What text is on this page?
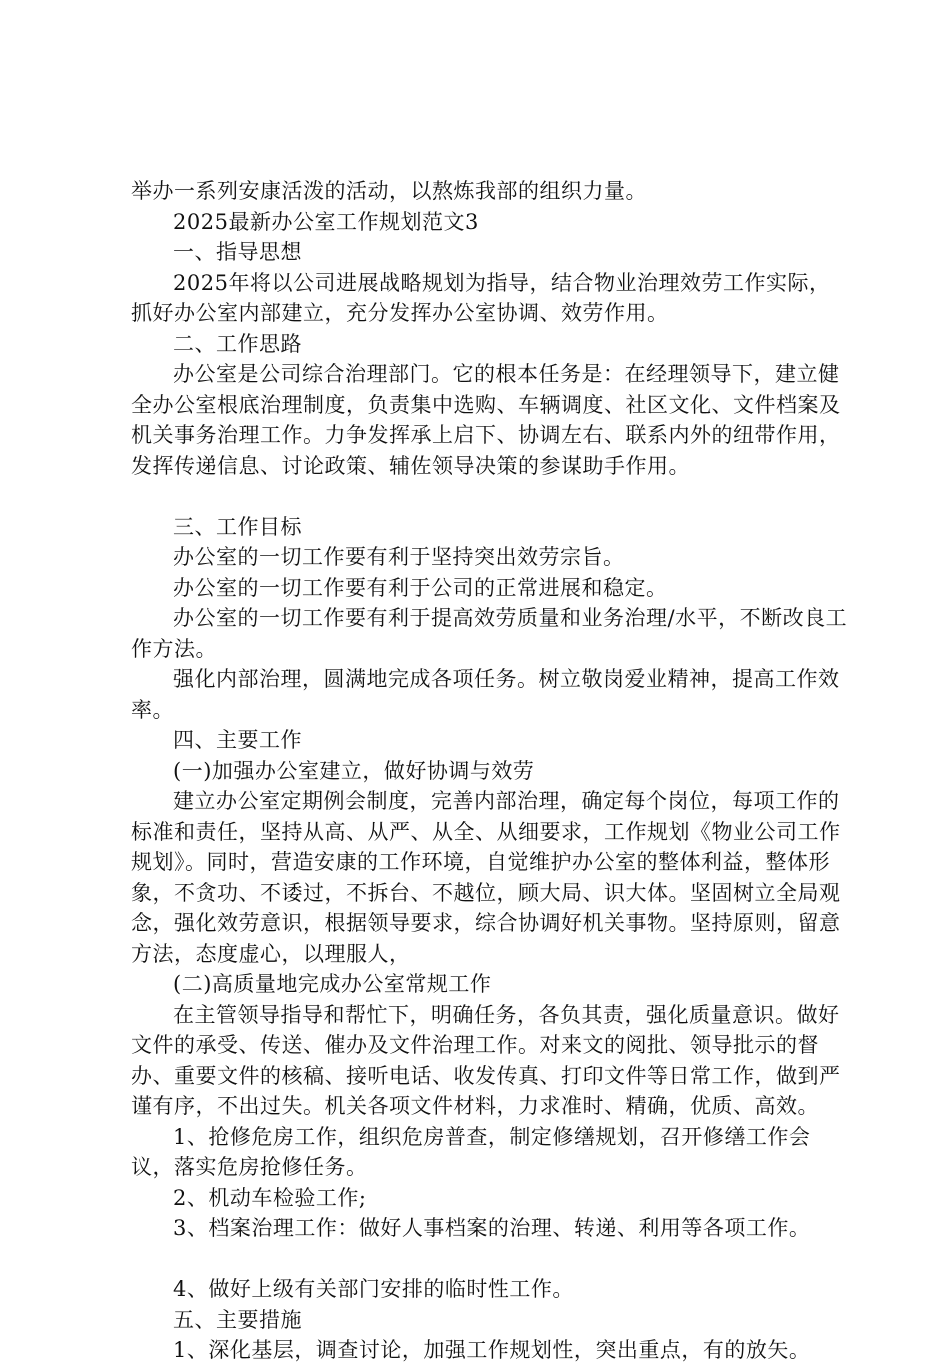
举办一系列安康活泼的活动，以熬炼我部的组织力量。

2025最新办公室工作规划范文3

一、指导思想

2025年将以公司进展战略规划为指导，结合物业治理效劳工作实际，抓好办公室内部建立，充分发挥办公室协调、效劳作用。

二、工作思路

办公室是公司综合治理部门。它的根本任务是：在经理领导下，建立健全办公室根底治理制度，负责集中选购、车辆调度、社区文化、文件档案及机关事务治理工作。力争发挥承上启下、协调左右、联系内外的纽带作用，发挥传递信息、讨论政策、辅佐领导决策的参谋助手作用。

三、工作目标

办公室的一切工作要有利于坚持突出效劳宗旨。

办公室的一切工作要有利于公司的正常进展和稳定。

办公室的一切工作要有利于提高效劳质量和业务治理/水平，不断改良工作方法。

强化内部治理，圆满地完成各项任务。树立敬岗爱业精神，提高工作效率。

四、主要工作

(一)加强办公室建立，做好协调与效劳

建立办公室定期例会制度，完善内部治理，确定每个岗位，每项工作的标准和责任，坚持从高、从严、从全、从细要求，工作规划《物业公司工作规划》。同时，营造安康的工作环境，自觉维护办公室的整体利益，整体形象，不贪功、不诿过，不拆台、不越位，顾大局、识大体。坚固树立全局观念，强化效劳意识，根据领导要求，综合协调好机关事物。坚持原则，留意方法，态度虚心，以理服人，

(二)高质量地完成办公室常规工作

在主管领导指导和帮忙下，明确任务，各负其责，强化质量意识。做好文件的承受、传送、催办及文件治理工作。对来文的阅批、领导批示的督办、重要文件的核稿、接听电话、收发传真、打印文件等日常工作，做到严谨有序，不出过失。机关各项文件材料，力求准时、精确，优质、高效。

1、抢修危房工作，组织危房普查，制定修缮规划，召开修缮工作会议，落实危房抢修任务。

2、机动车检验工作;

3、档案治理工作：做好人事档案的治理、转递、利用等各项工作。

4、做好上级有关部门安排的临时性工作。

五、主要措施

1、深化基层，调查讨论，加强工作规划性，突出重点，有的放矢。
